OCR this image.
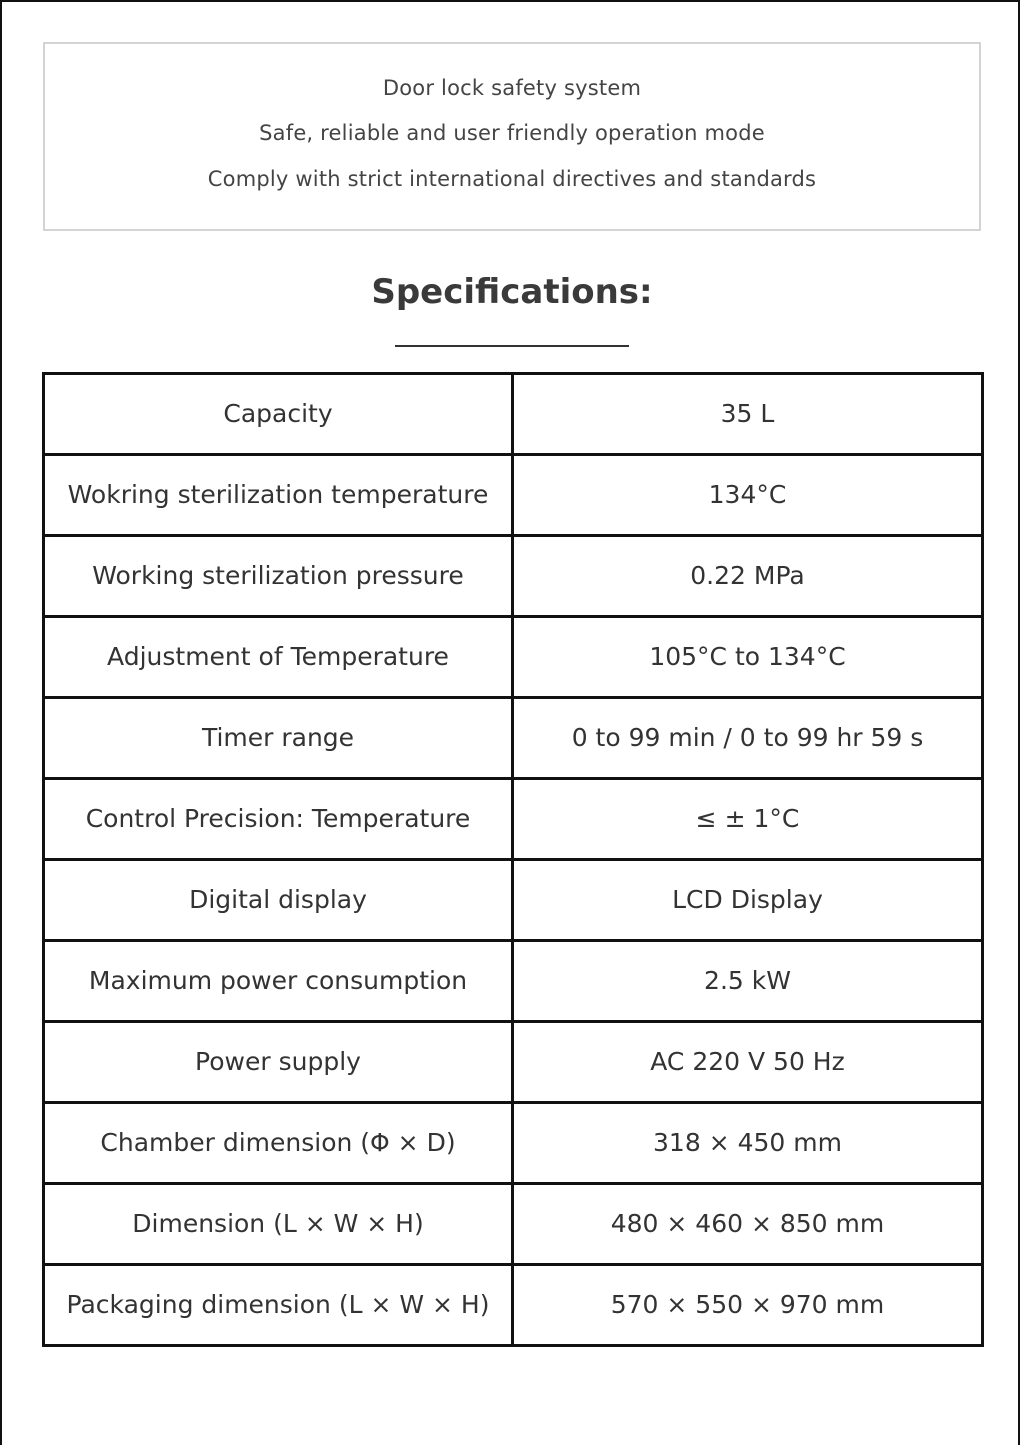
Door lock safety system
Safe, reliable and user friendly operation mode
Comply with strict international directives and standards
Specifications:
Capacity	35 L
Wokring sterilization temperature	134°C
Working sterilization pressure	0.22 MPa
Adjustment of Temperature	105°C to 134°C
Timer range	0 to 99 min / 0 to 99 hr 59 s
Control Precision: Temperature	≤ ± 1°C
Digital display	LCD Display
Maximum power consumption	2.5 kW
Power supply	AC 220 V 50 Hz
Chamber dimension (Φ × D)	318 × 450 mm
Dimension (L × W × H)	480 × 460 × 850 mm
Packaging dimension (L × W × H)	570 × 550 × 970 mm
